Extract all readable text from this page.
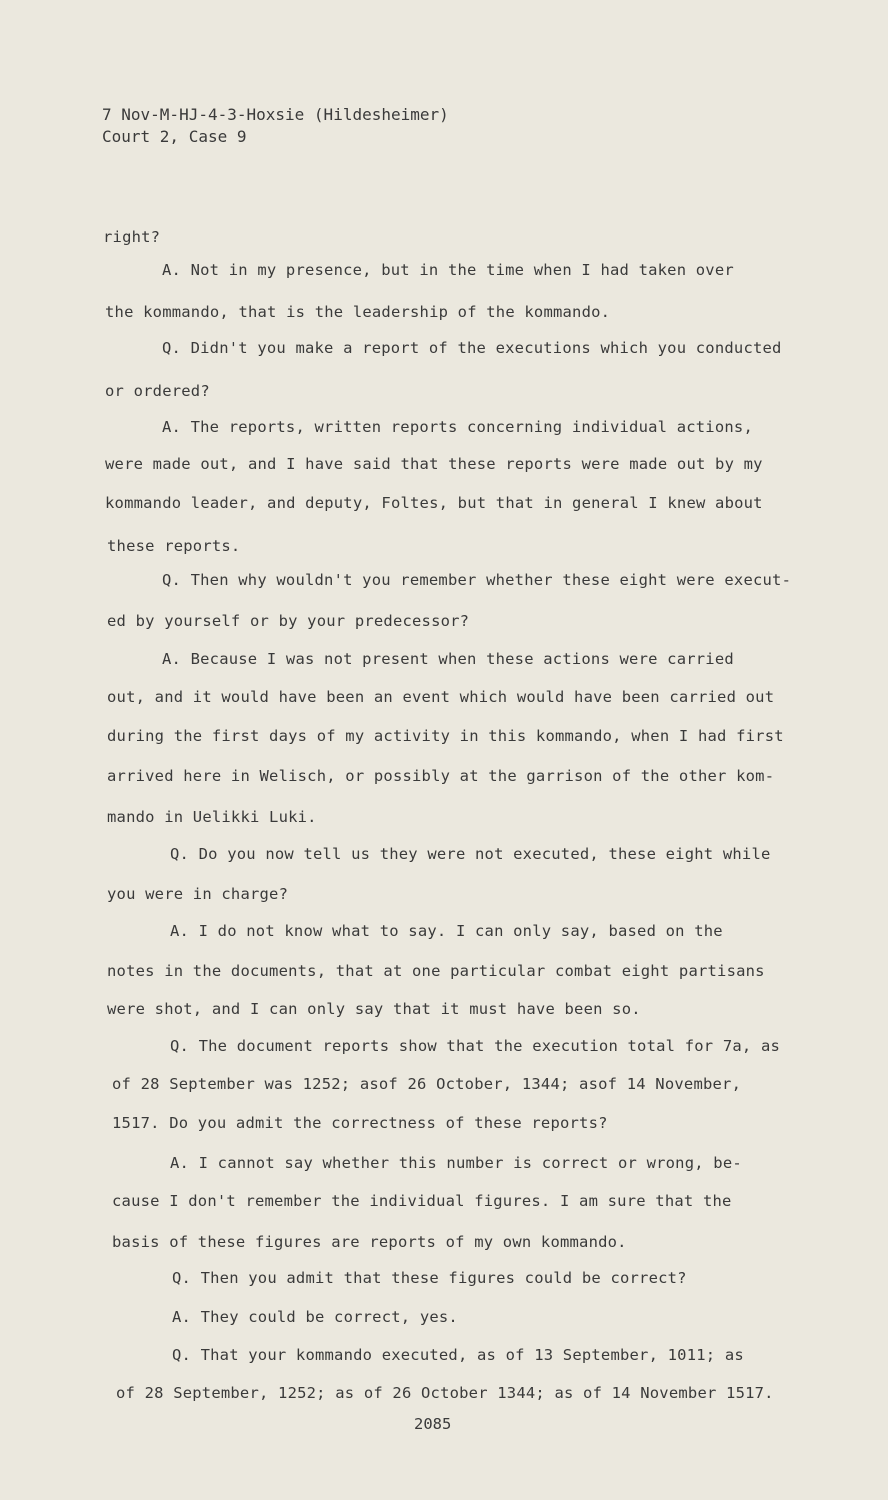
7 Nov-M-HJ-4-3-Hoxsie (Hildesheimer)
Court 2, Case 9
right?
A. Not in my presence, but in the time when I had taken over
the kommando, that is the leadership of the kommando.
Q. Didn't you make a report of the executions which you conducted
or ordered?
A. The reports, written reports concerning individual actions,
were made out, and I have said that these reports were made out by my
kommando leader, and deputy, Foltes, but that in general I knew about
these reports.
Q. Then why wouldn't you remember whether these eight were execut-
ed by yourself or by your predecessor?
A. Because I was not present when these actions were carried
out, and it would have been an event which would have been carried out
during the first days of my activity in this kommando, when I had first
arrived here in Welisch, or possibly at the garrison of the other kom-
mando in Uelikki Luki.
Q. Do you now tell us they were not executed, these eight while
you were in charge?
A. I do not know what to say. I can only say, based on the
notes in the documents, that at one particular combat eight partisans
were shot, and I can only say that it must have been so.
Q. The document reports show that the execution total for 7a, as
of 28 September was 1252; asof 26 October, 1344; asof 14 November,
1517. Do you admit the correctness of these reports?
A. I cannot say whether this number is correct or wrong, be-
cause I don't remember the individual figures. I am sure that the
basis of these figures are reports of my own kommando.
Q. Then you admit that these figures could be correct?
A. They could be correct, yes.
Q. That your kommando executed, as of 13 September, 1011; as
of 28 September, 1252; as of 26 October 1344; as of 14 November 1517.
2085
